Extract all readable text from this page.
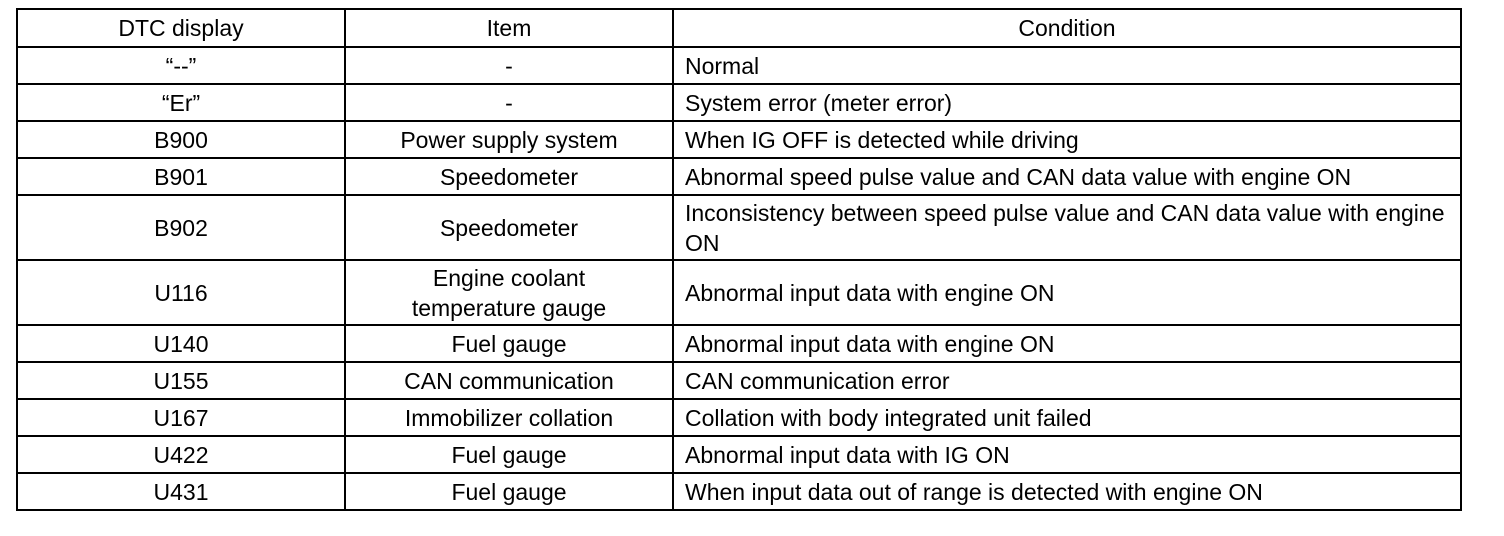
DTC display	Item	Condition
“--”	-	Normal
“Er”	-	System error (meter error)
B900	Power supply system	When IG OFF is detected while driving
B901	Speedometer	Abnormal speed pulse value and CAN data value with engine ON
B902	Speedometer	Inconsistency between speed pulse value and CAN data value with engine ON
U116	Engine coolant temperature gauge	Abnormal input data with engine ON
U140	Fuel gauge	Abnormal input data with engine ON
U155	CAN communication	CAN communication error
U167	Immobilizer collation	Collation with body integrated unit failed
U422	Fuel gauge	Abnormal input data with IG ON
U431	Fuel gauge	When input data out of range is detected with engine ON
